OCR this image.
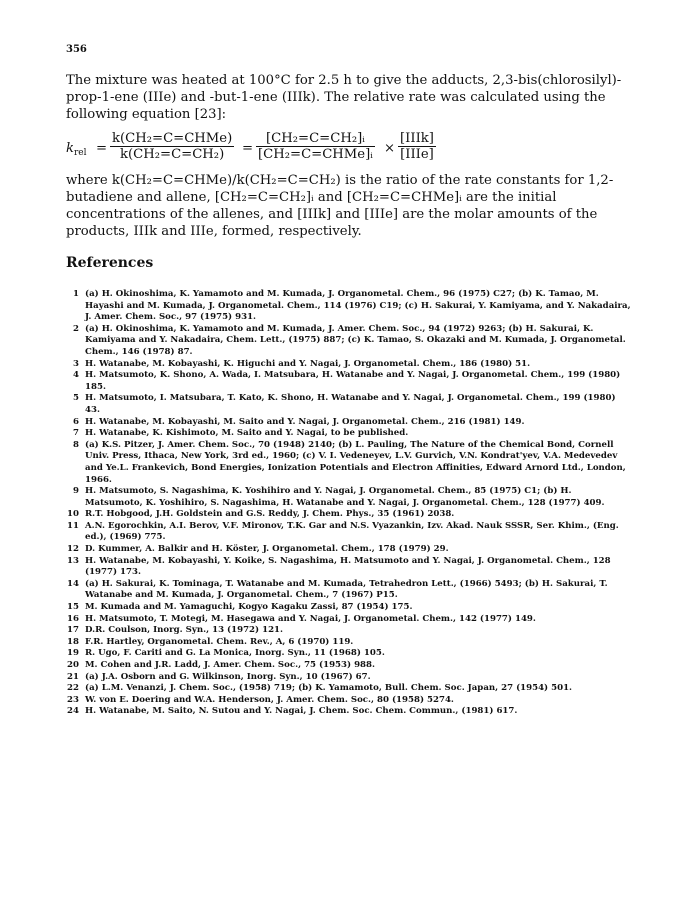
356

The mixture was heated at 100°C for 2.5 h to give the adducts, 2,3-bis(chlorosilyl)-prop-1-ene (IIIe) and -but-1-ene (IIIk). The relative rate was calculated using the following equation [23]:

$k_{rel}$ =
k(CH₂=C=CHMe)
k(CH₂=C=CH₂)	=
[CH₂=C=CH₂]ᵢ
[CH₂=C=CHMe]ᵢ ×
[IIIk]
[IIIe]
where k(CH₂=C=CHMe)/k(CH₂=C=CH₂) is the ratio of the rate constants for 1,2-butadiene and allene, [CH₂=C=CH₂]ᵢ and [CH₂=C=CHMe]ᵢ are the initial concentrations of the allenes, and [IIIk] and [IIIe] are the molar amounts of the products, IIIk and IIIe, formed, respectively.
References
1 (a) H. Okinoshima, K. Yamamoto and M. Kumada, J. Organometal. Chem., 96 (1975) C27; (b) K. Tamao, M. Hayashi and M. Kumada, J. Organometal. Chem., 114 (1976) C19; (c) H. Sakurai, Y. Kamiyama, and Y. Nakadaira, J. Amer. Chem. Soc., 97 (1975) 931.
2 (a) H. Okinoshima, K. Yamamoto and M. Kumada, J. Amer. Chem. Soc., 94 (1972) 9263; (b) H. Sakurai, K. Kamiyama and Y. Nakadaira, Chem. Lett., (1975) 887; (c) K. Tamao, S. Okazaki and M. Kumada, J. Organometal. Chem., 146 (1978) 87.
3 H. Watanabe, M. Kobayashi, K. Higuchi and Y. Nagai, J. Organometal. Chem., 186 (1980) 51.
4 H. Matsumoto, K. Shono, A. Wada, I. Matsubara, H. Watanabe and Y. Nagai, J. Organometal. Chem., 199 (1980) 185.
5 H. Matsumoto, I. Matsubara, T. Kato, K. Shono, H. Watanabe and Y. Nagai, J. Organometal. Chem., 199 (1980) 43.
6 H. Watanabe, M. Kobayashi, M. Saito and Y. Nagai, J. Organometal. Chem., 216 (1981) 149.
7 H. Watanabe, K. Kishimoto, M. Saito and Y. Nagai, to be published.
8 (a) K.S. Pitzer, J. Amer. Chem. Soc., 70 (1948) 2140; (b) L. Pauling, The Nature of the Chemical Bond, Cornell Univ. Press, Ithaca, New York, 3rd ed., 1960; (c) V. I. Vedeneyev, L.V. Gurvich, V.N. Kondrat'yev, V.A. Medevedev and Ye.L. Frankevich, Bond Energies, Ionization Potentials and Electron Affinities, Edward Arnord Ltd., London, 1966.
9 H. Matsumoto, S. Nagashima, K. Yoshihiro and Y. Nagai, J. Organometal. Chem., 85 (1975) C1; (b) H. Matsumoto, K. Yoshihiro, S. Nagashima, H. Watanabe and Y. Nagai, J. Organometal. Chem., 128 (1977) 409.
10 R.T. Hobgood, J.H. Goldstein and G.S. Reddy, J. Chem. Phys., 35 (1961) 2038.
11 A.N. Egorochkin, A.I. Berov, V.F. Mironov, T.K. Gar and N.S. Vyazankin, Izv. Akad. Nauk SSSR, Ser. Khim., (Eng. ed.), (1969) 775.
12 D. Kummer, A. Balkir and H. Köster, J. Organometal. Chem., 178 (1979) 29.
13 H. Watanabe, M. Kobayashi, Y. Koike, S. Nagashima, H. Matsumoto and Y. Nagai, J. Organometal. Chem., 128 (1977) 173.
14 (a) H. Sakurai, K. Tominaga, T. Watanabe and M. Kumada, Tetrahedron Lett., (1966) 5493; (b) H. Sakurai, T. Watanabe and M. Kumada, J. Organometal. Chem., 7 (1967) P15.
15 M. Kumada and M. Yamaguchi, Kogyo Kagaku Zassi, 87 (1954) 175.
16 H. Matsumoto, T. Motegi, M. Hasegawa and Y. Nagai, J. Organometal. Chem., 142 (1977) 149.
17 D.R. Coulson, Inorg. Syn., 13 (1972) 121.
18 F.R. Hartley, Organometal. Chem. Rev., A, 6 (1970) 119.
19 R. Ugo, F. Cariti and G. La Monica, Inorg. Syn., 11 (1968) 105.
20 M. Cohen and J.R. Ladd, J. Amer. Chem. Soc., 75 (1953) 988.
21 (a) J.A. Osborn and G. Wilkinson, Inorg. Syn., 10 (1967) 67.
22 (a) L.M. Venanzi, J. Chem. Soc., (1958) 719; (b) K. Yamamoto, Bull. Chem. Soc. Japan, 27 (1954) 501.
23 W. von E. Doering and W.A. Henderson, J. Amer. Chem. Soc., 80 (1958) 5274.
24 H. Watanabe, M. Saito, N. Sutou and Y. Nagai, J. Chem. Soc. Chem. Commun., (1981) 617.
